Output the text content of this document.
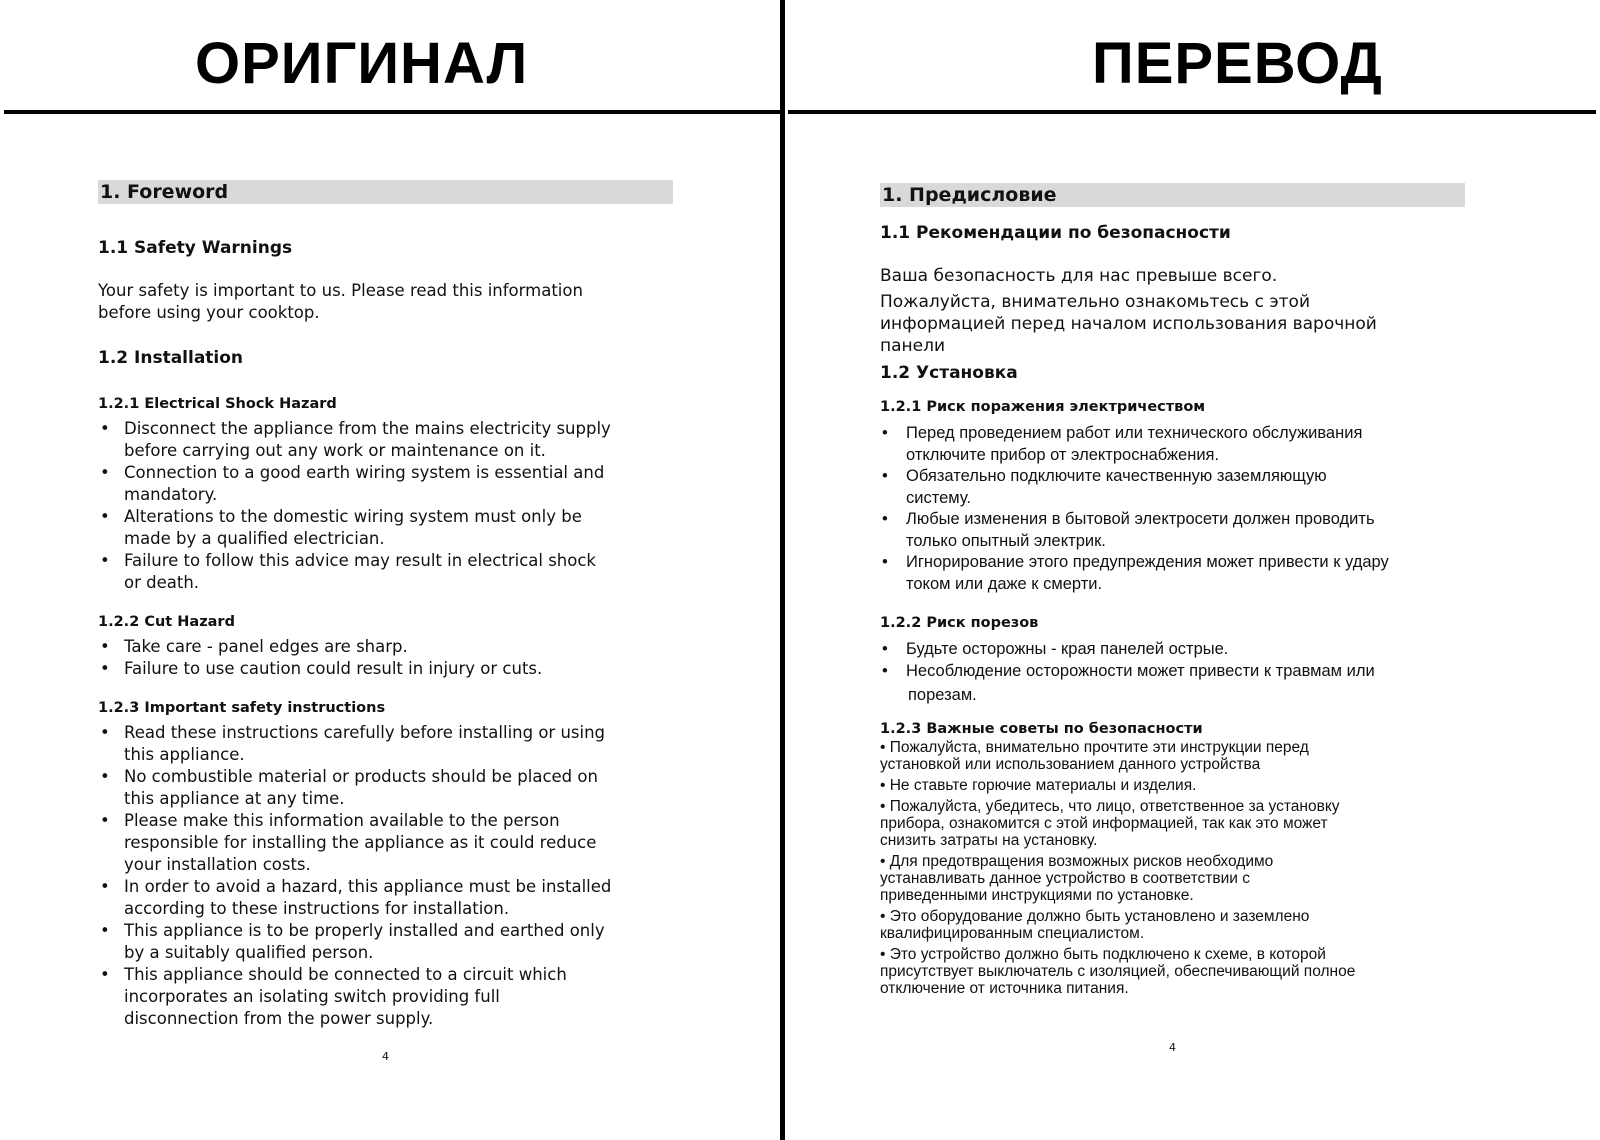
ОРИГИНАЛ	ПЕРЕВОД
1. Foreword
1.1 Safety Warnings
Your safety is important to us. Please read this information
before using your cooktop.
1.2 Installation
1.2.1 Electrical Shock Hazard
• Disconnect the appliance from the mains electricity supply
before carrying out any work or maintenance on it.
• Connection to a good earth wiring system is essential and
mandatory.
• Alterations to the domestic wiring system must only be
made by a qualified electrician.
• Failure to follow this advice may result in electrical shock
or death.
1.2.2 Cut Hazard
• Take care - panel edges are sharp.
• Failure to use caution could result in injury or cuts.
1.2.3 Important safety instructions
• Read these instructions carefully before installing or using
this appliance.
• No combustible material or products should be placed on
this appliance at any time.
• Please make this information available to the person
responsible for installing the appliance as it could reduce
your installation costs.
• In order to avoid a hazard, this appliance must be installed
according to these instructions for installation.
• This appliance is to be properly installed and earthed only
by a suitably qualified person.
• This appliance should be connected to a circuit which
incorporates an isolating switch providing full
disconnection from the power supply.
4
1. Предисловие
1.1 Рекомендации по безопасности
Ваша безопасность для нас превыше всего.
Пожалуйста, внимательно ознакомьтесь с этой
информацией перед началом использования варочной
панели
1.2 Установка
1.2.1 Риск поражения электричеством
• Перед проведением работ или технического обслуживания
отключите прибор от электроснабжения.
• Обязательно подключите качественную заземляющую
систему.
• Любые изменения в бытовой электросети должен проводить
только опытный электрик.
• Игнорирование этого предупреждения может привести к удару
током или даже к смерти.
1.2.2 Риск порезов
• Будьте осторожны - края панелей острые.
• Несоблюдение осторожности может привести к травмам или
порезам.
1.2.3 Важные советы по безопасности
• Пожалуйста, внимательно прочтите эти инструкции перед
установкой или использованием данного устройства
• Не ставьте горючие материалы и изделия.
• Пожалуйста, убедитесь, что лицо, ответственное за установку
прибора, ознакомится с этой информацией, так как это может
снизить затраты на установку.
• Для предотвращения возможных рисков необходимо
устанавливать данное устройство в соответствии с
приведенными инструкциями по установке.
• Это оборудование должно быть установлено и заземлено
квалифицированным специалистом.
• Это устройство должно быть подключено к схеме, в которой
присутствует выключатель с изоляцией, обеспечивающий полное
отключение от источника питания.
4
